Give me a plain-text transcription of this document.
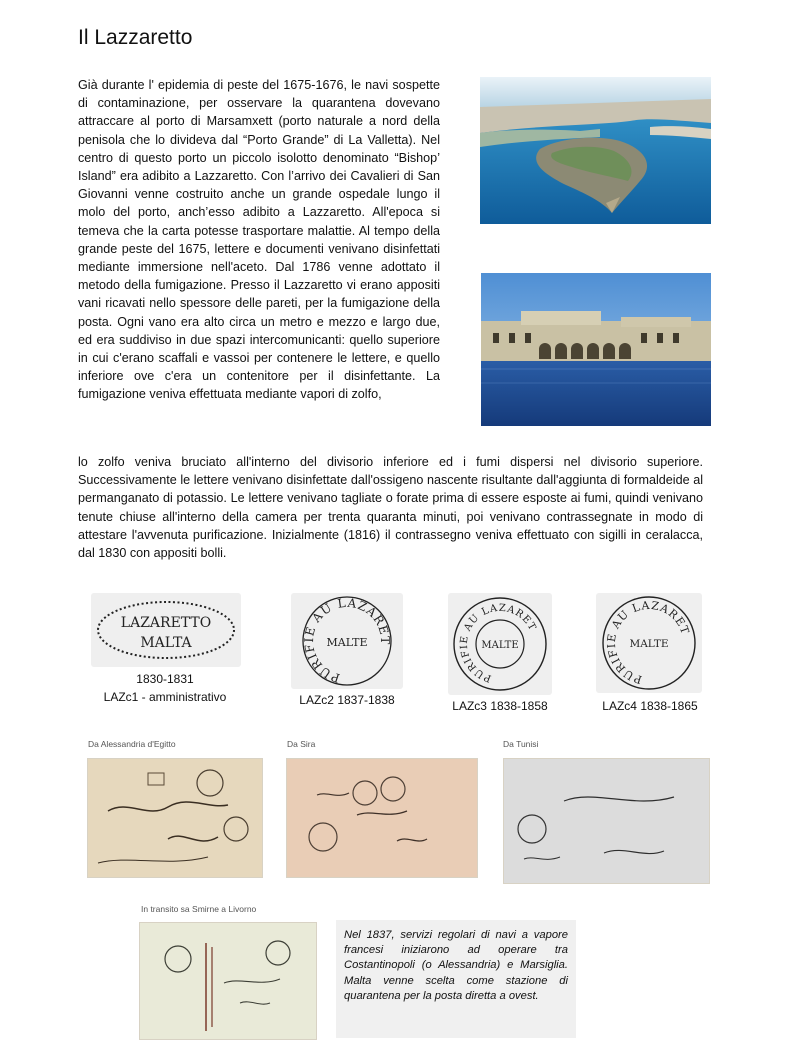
Il Lazzaretto
Già durante l' epidemia di peste del 1675-1676, le navi sospette di contaminazione, per osservare la quarantena dovevano attraccare al porto di Marsamxett (porto naturale a nord della penisola che lo divideva dal “Porto Grande” di La Valletta). Nel centro di questo porto un piccolo isolotto denominato “Bishop’ Island” era adibito a Lazzaretto. Con l’arrivo dei Cavalieri di San Giovanni venne costruito anche un grande ospedale lungo il molo del porto, anch’esso adibito a Lazzaretto. All'epoca si temeva che la carta potesse trasportare malattie. Al tempo della grande peste del 1675, lettere e documenti venivano disinfettati mediante immersione nell'aceto. Dal 1786 venne adottato il metodo della fumigazione. Presso il Lazzaretto vi erano appositi vani ricavati nello spessore delle pareti, per la fumigazione della posta. Ogni vano era alto circa un metro e mezzo e largo due, ed era suddiviso in due spazi intercomunicanti: quello superiore in cui c'erano scaffali e vassoi per contenere le lettere, e quello inferiore ove c'era un contenitore per il disinfettante. La fumigazione veniva effettuata mediante vapori di zolfo,
lo zolfo veniva bruciato all'interno del divisorio inferiore ed i fumi dispersi nel divisorio superiore. Successivamente le lettere venivano disinfettate dall'ossigeno nascente risultante dall'aggiunta di formaldeide al permanganato di potassio. Le lettere venivano tagliate o forate prima di essere esposte ai fumi, quindi venivano tenute chiuse all'interno della camera per trenta quaranta minuti, poi venivano contrassegnate in modo di attestare l'avvenuta purificazione. Inizialmente (1816) il contrassegno veniva effettuato con sigilli in ceralacca, dal 1830 con appositi bolli.
LAZARETTO
MALTA
1830-1831
LAZc1 - amministrativo
PURIFIE AU LAZARET
MALTE
LAZc2 1837-1838
PURIFIE AU LAZARET
MALTE
LAZc3 1838-1858
PURIFIE AU LAZARET
MALTE
LAZc4 1838-1865
Da Alessandria d'Egitto	Da Sira	Da Tunisi
In transito sa Smirne a Livorno
Nel 1837, servizi regolari di navi a vapore francesi iniziarono ad operare tra Costantinopoli (o Alessandria) e Marsiglia. Malta venne scelta come stazione di quarantena per la posta diretta a ovest.
